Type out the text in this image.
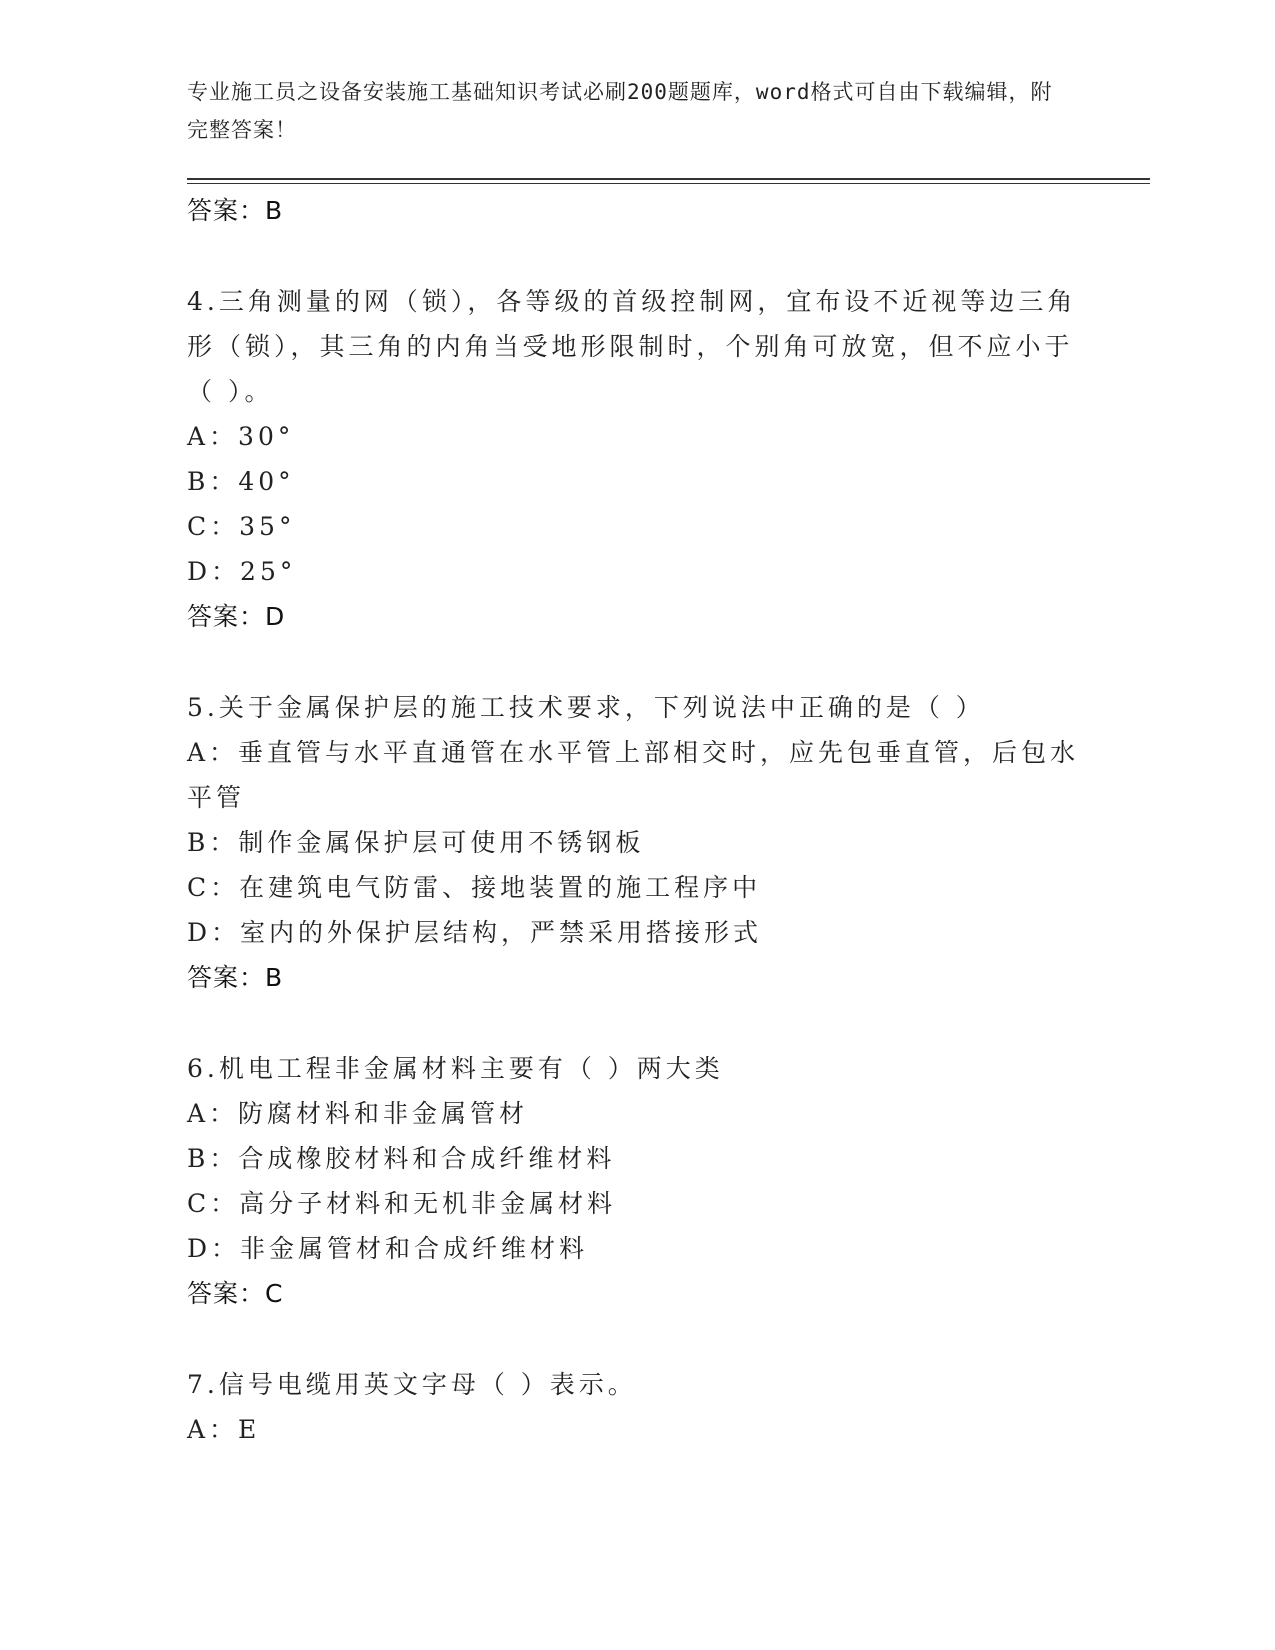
专业施工员之设备安装施工基础知识考试必刷200题题库，word格式可自由下载编辑，附完整答案！
答案：B
4.三角测量的网（锁），各等级的首级控制网，宜布设不近视等边三角形（锁），其三角的内角当受地形限制时，个别角可放宽，但不应小于（ ）。
A：30°
B：40°
C：35°
D：25°
答案：D
5.关于金属保护层的施工技术要求，下列说法中正确的是（ ）
A：垂直管与水平直通管在水平管上部相交时，应先包垂直管，后包水平管
B：制作金属保护层可使用不锈钢板
C：在建筑电气防雷、接地装置的施工程序中
D：室内的外保护层结构，严禁采用搭接形式
答案：B
6.机电工程非金属材料主要有（ ）两大类
A：防腐材料和非金属管材
B：合成橡胶材料和合成纤维材料
C：高分子材料和无机非金属材料
D：非金属管材和合成纤维材料
答案：C
7.信号电缆用英文字母（ ）表示。
A：E
